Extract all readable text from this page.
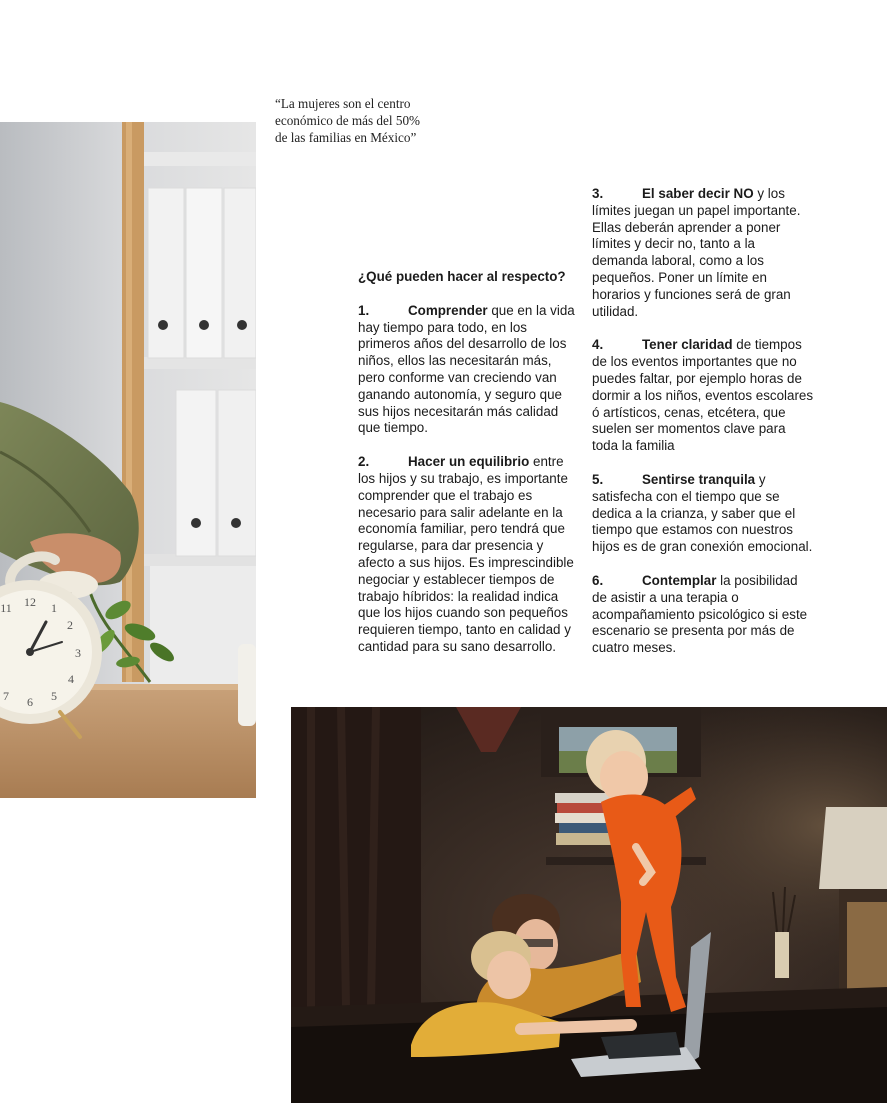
“La mujeres son el centro
económico de más del 50%
de las familias en México”
12 1
2
3
4
5
6
7
11
¿Qué pueden hacer al respecto?
1.	Comprender que en la vida hay tiempo para todo, en los primeros años del desarrollo de los niños, ellos las necesitarán más, pero conforme van creciendo van ganando autonomía, y seguro que sus hijos necesitarán más calidad que tiempo.
2.	Hacer un equilibrio entre los hijos y su trabajo, es importante comprender que el trabajo es necesario para salir adelante en la economía familiar, pero tendrá que regularse, para dar presencia y afecto a sus hijos. Es imprescindible negociar y establecer tiempos de trabajo híbridos: la realidad indica que los hijos cuando son pequeños requieren tiempo, tanto en calidad y cantidad para su sano desarrollo.
3.	El saber decir NO y los límites juegan un papel importante. Ellas deberán aprender a poner límites y decir no, tanto a la demanda laboral, como a los pequeños. Poner un límite en horarios y funciones será de gran utilidad.
4.	Tener claridad de tiempos de los eventos importantes que no puedes faltar, por ejemplo horas de dormir a los niños, eventos escolares ó artísticos, cenas, etcétera, que suelen ser momentos clave para toda la familia
5.	Sentirse tranquila y satisfecha con el tiempo que se dedica a la crianza, y saber que el tiempo que estamos con nuestros hijos es de gran conexión emocional.
6.	Contemplar la posibilidad de asistir a una terapia o acompañamiento psicológico si este escenario se presenta por más de cuatro meses.
